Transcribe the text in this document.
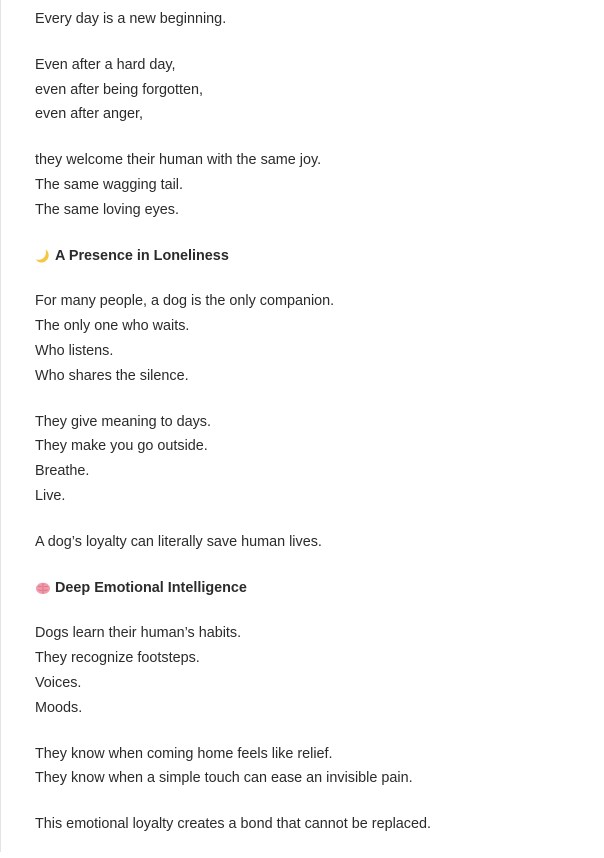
Every day is a new beginning.
Even after a hard day,
even after being forgotten,
even after anger,
they welcome their human with the same joy.
The same wagging tail.
The same loving eyes.
A Presence in Loneliness
For many people, a dog is the only companion.
The only one who waits.
Who listens.
Who shares the silence.
They give meaning to days.
They make you go outside.
Breathe.
Live.
A dog’s loyalty can literally save human lives.
Deep Emotional Intelligence
Dogs learn their human’s habits.
They recognize footsteps.
Voices.
Moods.
They know when coming home feels like relief.
They know when a simple touch can ease an invisible pain.
This emotional loyalty creates a bond that cannot be replaced.
